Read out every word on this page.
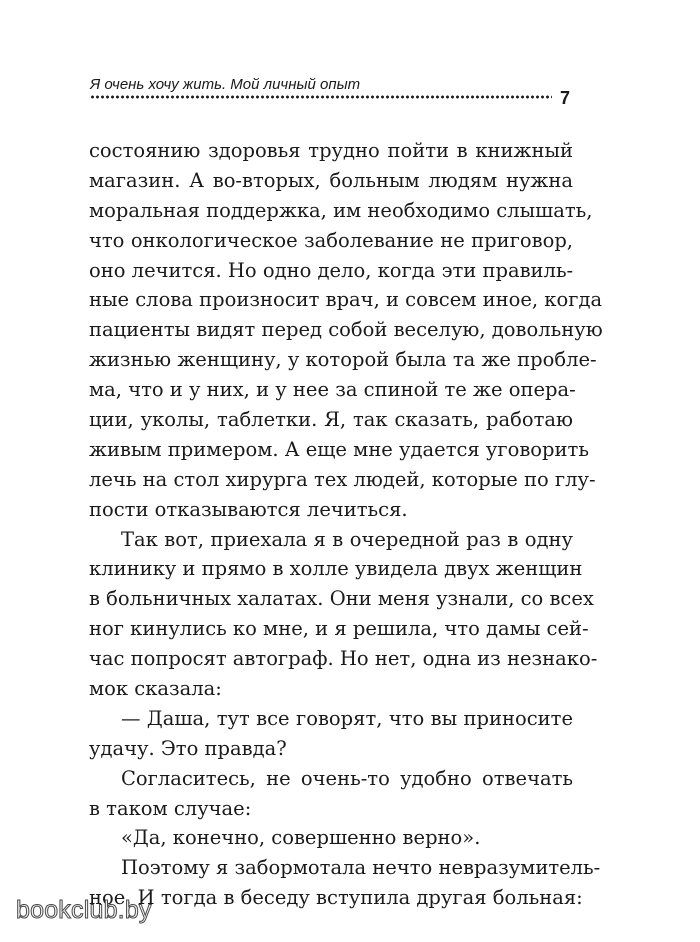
Я очень хочу жить. Мой личный опыт
7
состоянию здоровья трудно пойти в книжный
магазин. А во-вторых, больным людям нужна
моральная поддержка, им необходимо слышать,
что онкологическое заболевание не приговор,
оно лечится. Но одно дело, когда эти правиль-
ные слова произносит врач, и совсем иное, когда
пациенты видят перед собой веселую, довольную
жизнью женщину, у которой была та же пробле-
ма, что и у них, и у нее за спиной те же опера-
ции, уколы, таблетки. Я, так сказать, работаю
живым примером. А еще мне удается уговорить
лечь на стол хирурга тех людей, которые по глу-
пости отказываются лечиться.
Так вот, приехала я в очередной раз в одну
клинику и прямо в холле увидела двух женщин
в больничных халатах. Они меня узнали, со всех
ног кинулись ко мне, и я решила, что дамы сей-
час попросят автограф. Но нет, одна из незнако-
мок сказала:
— Даша, тут все говорят, что вы приносите
удачу. Это правда?
Согласитесь, не очень-то удобно отвечать
в таком случае:
«Да, конечно, совершенно верно».
Поэтому я забормотала нечто невразумитель-
ное. И тогда в беседу вступила другая больная:
bookclub.by
